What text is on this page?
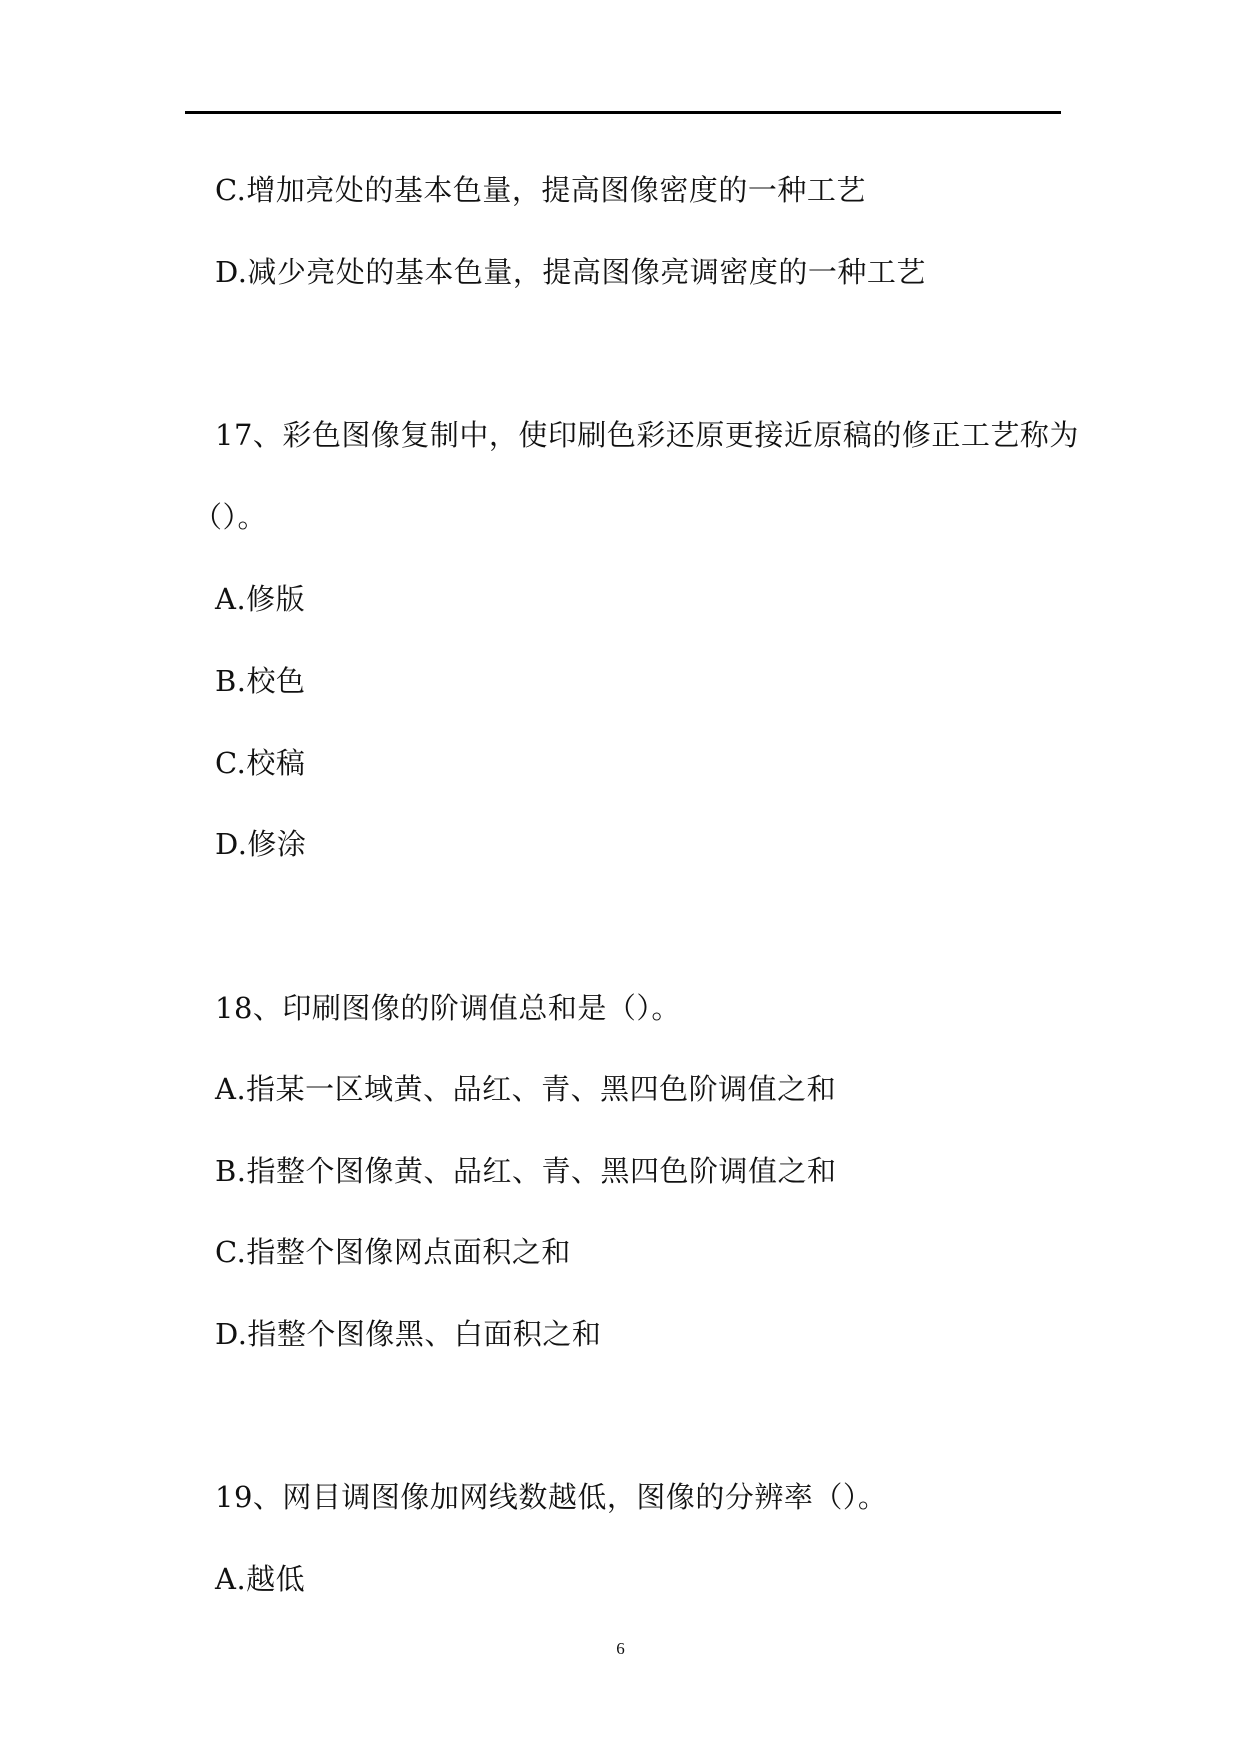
C.增加亮处的基本色量，提高图像密度的一种工艺
D.减少亮处的基本色量，提高图像亮调密度的一种工艺
17、彩色图像复制中，使印刷色彩还原更接近原稿的修正工艺称为
（）。
A.修版
B.校色
C.校稿
D.修涂
18、印刷图像的阶调值总和是（）。
A.指某一区域黄、品红、青、黑四色阶调值之和
B.指整个图像黄、品红、青、黑四色阶调值之和
C.指整个图像网点面积之和
D.指整个图像黑、白面积之和
19、网目调图像加网线数越低，图像的分辨率（）。
A.越低
6
